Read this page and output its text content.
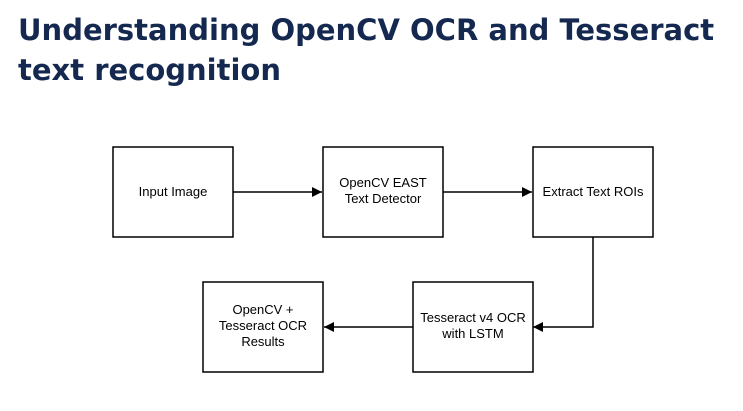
Understanding OpenCV OCR and Tesseract text recognition
Input Image
OpenCV EAST
Text Detector	Extract Text ROIs
Tesseract v4 OCR
with LSTM
OpenCV +
Tesseract OCR
Results
